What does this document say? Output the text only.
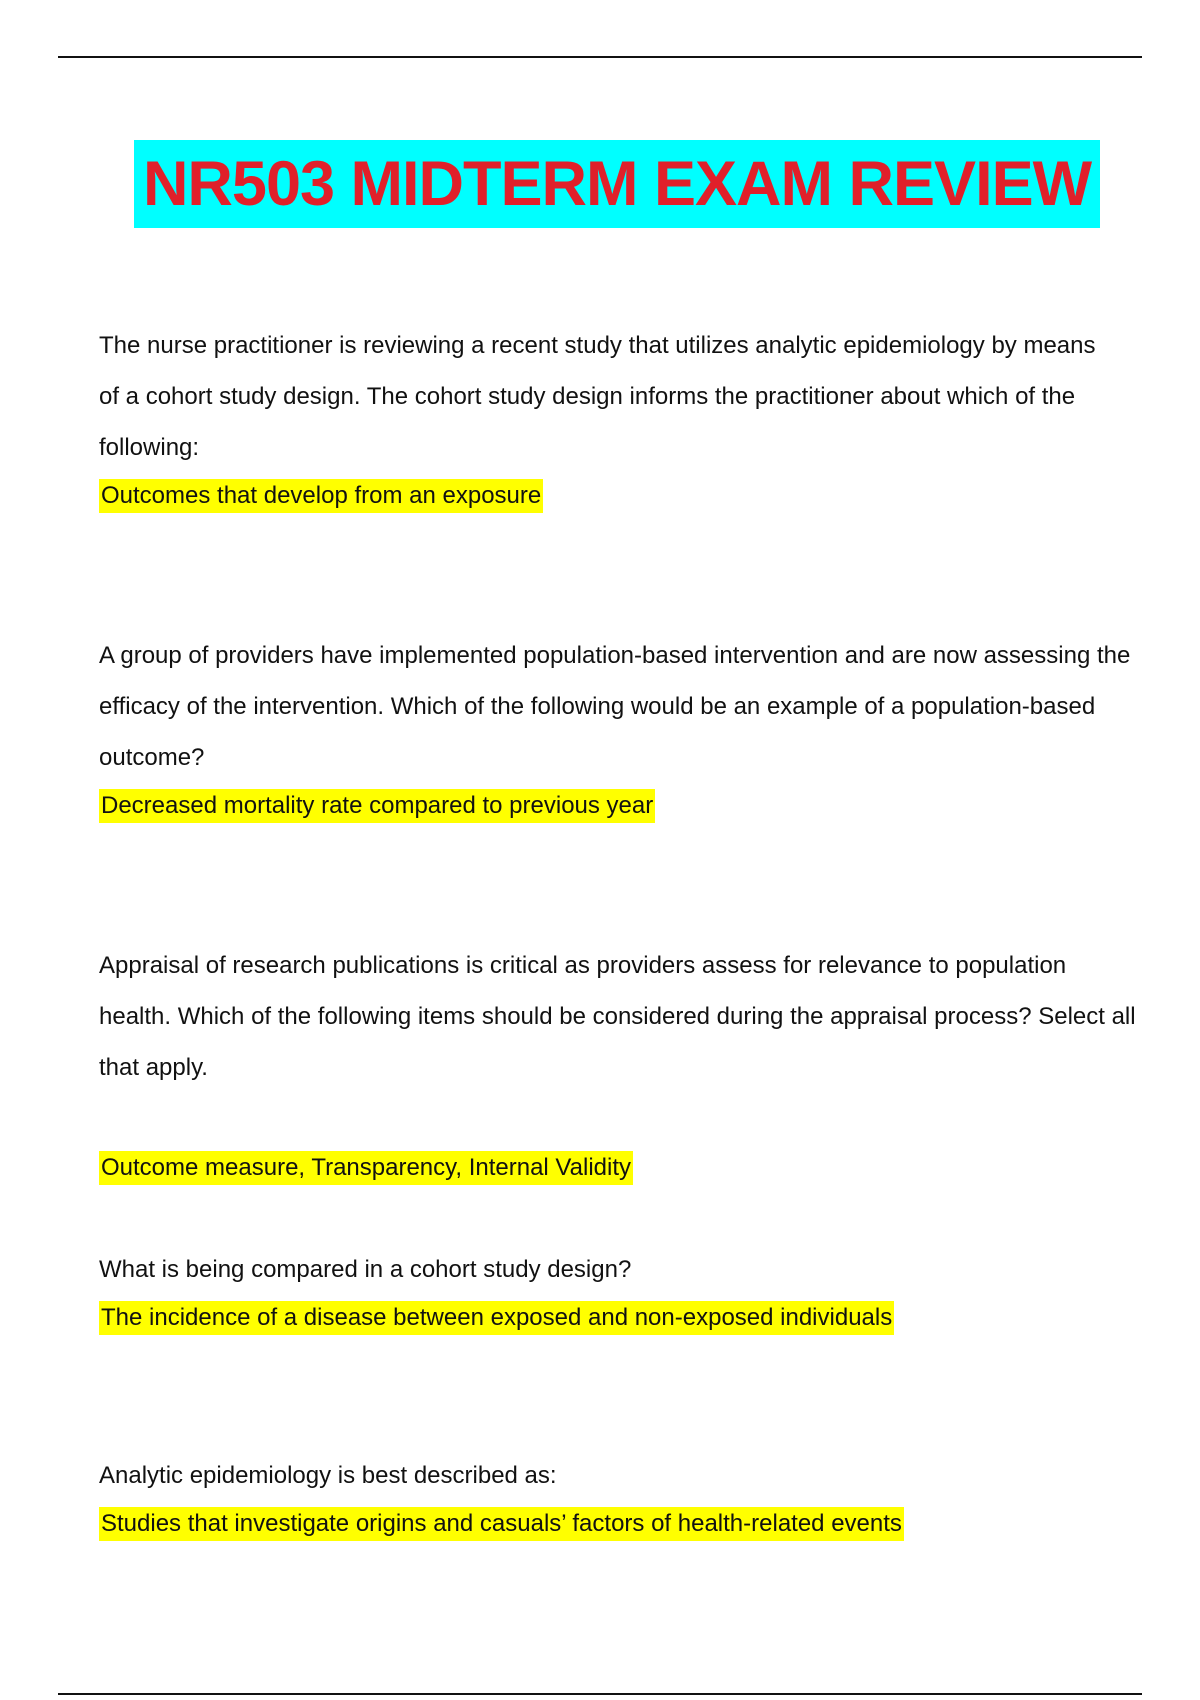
NR503 MIDTERM EXAM REVIEW

The nurse practitioner is reviewing a recent study that utilizes analytic epidemiology by means of a cohort study design. The cohort study design informs the practitioner about which of the following:

Outcomes that develop from an exposure

A group of providers have implemented population-based intervention and are now assessing the efficacy of the intervention. Which of the following would be an example of a population-based outcome?

Decreased mortality rate compared to previous year

Appraisal of research publications is critical as providers assess for relevance to population health. Which of the following items should be considered during the appraisal process? Select all that apply.

Outcome measure, Transparency, Internal Validity

What is being compared in a cohort study design?

The incidence of a disease between exposed and non-exposed individuals

Analytic epidemiology is best described as:

Studies that investigate origins and casuals’ factors of health-related events
